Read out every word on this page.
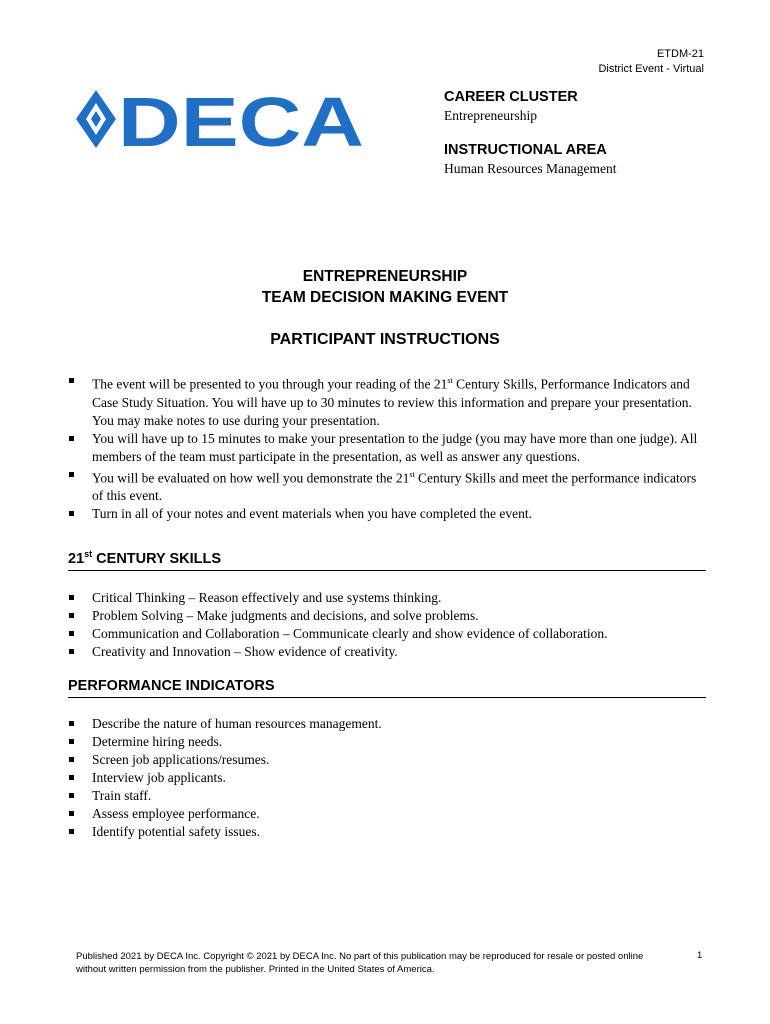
ETDM-21
District Event - Virtual
DECA	CAREER CLUSTER
Entrepreneurship
INSTRUCTIONAL AREA
Human Resources Management
ENTREPRENEURSHIP
TEAM DECISION MAKING EVENT
PARTICIPANT INSTRUCTIONS
The event will be presented to you through your reading of the 21st Century Skills, Performance Indicators and Case Study Situation. You will have up to 30 minutes to review this information and prepare your presentation. You may make notes to use during your presentation.
You will have up to 15 minutes to make your presentation to the judge (you may have more than one judge). All members of the team must participate in the presentation, as well as answer any questions.
You will be evaluated on how well you demonstrate the 21st Century Skills and meet the performance indicators of this event.
Turn in all of your notes and event materials when you have completed the event.
21st CENTURY SKILLS
Critical Thinking – Reason effectively and use systems thinking.
Problem Solving – Make judgments and decisions, and solve problems.
Communication and Collaboration – Communicate clearly and show evidence of collaboration.
Creativity and Innovation – Show evidence of creativity.
PERFORMANCE INDICATORS
Describe the nature of human resources management.
Determine hiring needs.
Screen job applications/resumes.
Interview job applicants.
Train staff.
Assess employee performance.
Identify potential safety issues.
Published 2021 by DECA Inc. Copyright © 2021 by DECA Inc. No part of this publication may be reproduced for resale or posted online without written permission from the publisher. Printed in the United States of America.
1
